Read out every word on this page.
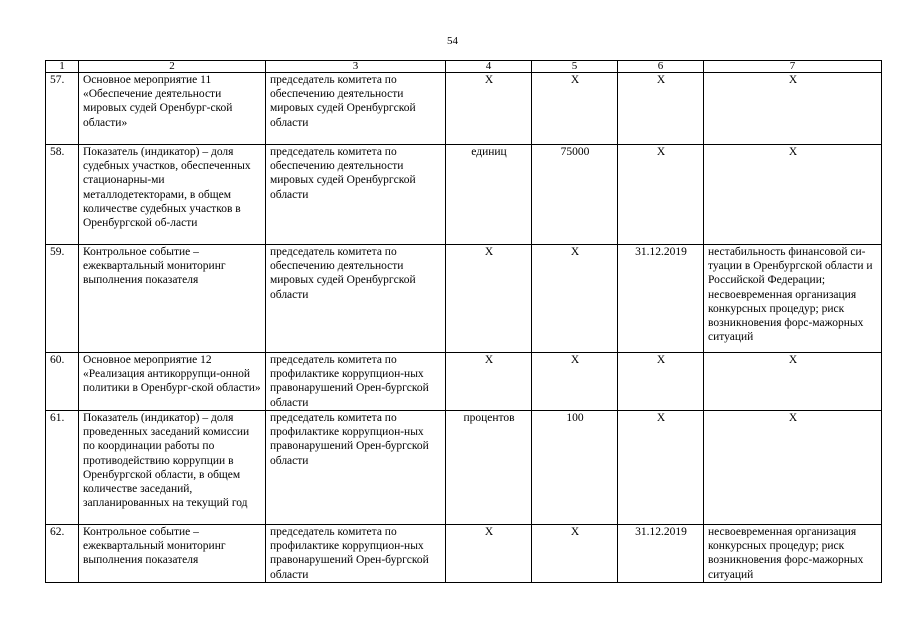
54
1	2	3	4	5	6	7
57.	Основное мероприятие 11 «Обеспечение деятельности мировых судей Оренбург-ской области»	председатель комитета по обеспечению деятельности мировых судей Оренбургской области	Х	Х	Х	Х
58.	Показатель (индикатор) – доля судебных участков, обеспеченных стационарны-ми металлодетекторами, в общем количестве судебных участков в Оренбургской об-ласти	председатель комитета по обеспечению деятельности мировых судей Оренбургской области	единиц	75000	Х	Х
59.	Контрольное событие – ежеквартальный мониторинг выполнения показателя	председатель комитета по обеспечению деятельности мировых судей Оренбургской области	Х	Х	31.12.2019	нестабильность финансовой си-туации в Оренбургской области и Российской Федерации; несвоевременная организация конкурсных процедур; риск возникновения форс-мажорных ситуаций
60.	Основное мероприятие 12 «Реализация антикоррупци-онной политики в Оренбург-ской области»	председатель комитета по профилактике коррупцион-ных правонарушений Орен-бургской области	Х	Х	Х	Х
61.	Показатель (индикатор) – доля проведенных заседаний комиссии по координации работы по противодействию коррупции в Оренбургской области, в общем количестве заседаний, запланированных на текущий год	председатель комитета по профилактике коррупцион-ных правонарушений Орен-бургской области	процентов	100	Х	Х
62.	Контрольное событие – ежеквартальный мониторинг выполнения показателя	председатель комитета по профилактике коррупцион-ных правонарушений Орен-бургской области	Х	Х	31.12.2019	несвоевременная организация конкурсных процедур; риск возникновения форс-мажорных ситуаций
